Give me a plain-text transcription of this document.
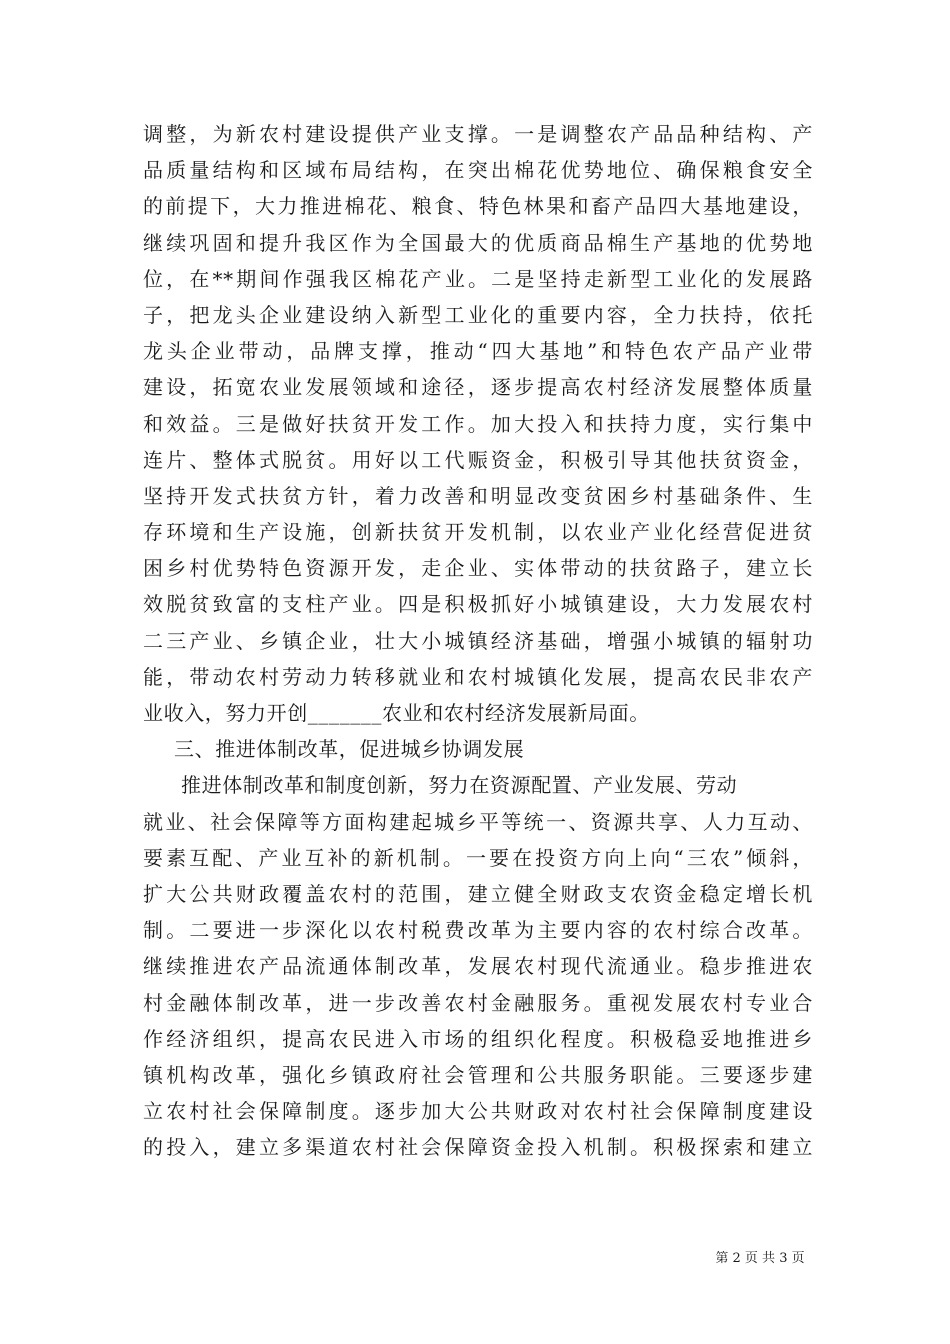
调整，为新农村建设提供产业支撑。一是调整农产品品种结构、产
品质量结构和区域布局结构，在突出棉花优势地位、确保粮食安全
的前提下，大力推进棉花、粮食、特色林果和畜产品四大基地建设，
继续巩固和提升我区作为全国最大的优质商品棉生产基地的优势地
位，在**期间作强我区棉花产业。二是坚持走新型工业化的发展路
子，把龙头企业建设纳入新型工业化的重要内容，全力扶持，依托
龙头企业带动，品牌支撑，推动“四大基地”和特色农产品产业带
建设，拓宽农业发展领域和途径，逐步提高农村经济发展整体质量
和效益。三是做好扶贫开发工作。加大投入和扶持力度，实行集中
连片、整体式脱贫。用好以工代赈资金，积极引导其他扶贫资金，
坚持开发式扶贫方针，着力改善和明显改变贫困乡村基础条件、生
存环境和生产设施，创新扶贫开发机制，以农业产业化经营促进贫
困乡村优势特色资源开发，走企业、实体带动的扶贫路子，建立长
效脱贫致富的支柱产业。四是积极抓好小城镇建设，大力发展农村
二三产业、乡镇企业，壮大小城镇经济基础，增强小城镇的辐射功
能，带动农村劳动力转移就业和农村城镇化发展，提高农民非农产
业收入，努力开创_______农业和农村经济发展新局面。
三、推进体制改革，促进城乡协调发展
推进体制改革和制度创新，努力在资源配置、产业发展、劳动
就业、社会保障等方面构建起城乡平等统一、资源共享、人力互动、
要素互配、产业互补的新机制。一要在投资方向上向“三农”倾斜，
扩大公共财政覆盖农村的范围，建立健全财政支农资金稳定增长机
制。二要进一步深化以农村税费改革为主要内容的农村综合改革。
继续推进农产品流通体制改革，发展农村现代流通业。稳步推进农
村金融体制改革，进一步改善农村金融服务。重视发展农村专业合
作经济组织，提高农民进入市场的组织化程度。积极稳妥地推进乡
镇机构改革，强化乡镇政府社会管理和公共服务职能。三要逐步建
立农村社会保障制度。逐步加大公共财政对农村社会保障制度建设
的投入，建立多渠道农村社会保障资金投入机制。积极探索和建立
第 2 页 共 3 页
